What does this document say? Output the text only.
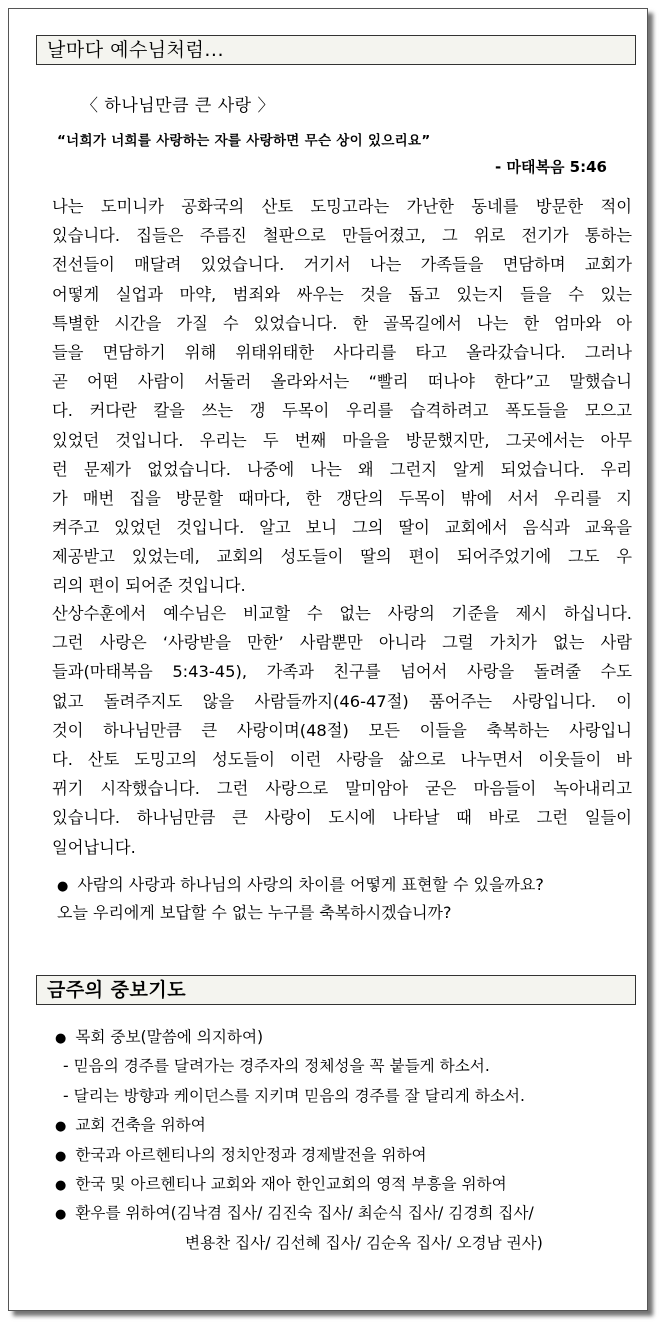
날마다 예수님처럼...
〈 하나님만큼 큰 사랑 〉
“너희가 너희를 사랑하는 자를 사랑하면 무슨 상이 있으리요”
- 마태복음 5:46
나는 도미니카 공화국의 산토 도밍고라는 가난한 동네를 방문한 적이
있습니다. 집들은 주름진 철판으로 만들어졌고, 그 위로 전기가 통하는
전선들이 매달려 있었습니다. 거기서 나는 가족들을 면담하며 교회가
어떻게 실업과 마약, 범죄와 싸우는 것을 돕고 있는지 들을 수 있는
특별한 시간을 가질 수 있었습니다. 한 골목길에서 나는 한 엄마와 아
들을 면담하기 위해 위태위태한 사다리를 타고 올라갔습니다. 그러나
곧 어떤 사람이 서둘러 올라와서는 “빨리 떠나야 한다”고 말했습니
다. 커다란 칼을 쓰는 갱 두목이 우리를 습격하려고 폭도들을 모으고
있었던 것입니다. 우리는 두 번째 마을을 방문했지만, 그곳에서는 아무
런 문제가 없었습니다. 나중에 나는 왜 그런지 알게 되었습니다. 우리
가 매번 집을 방문할 때마다, 한 갱단의 두목이 밖에 서서 우리를 지
켜주고 있었던 것입니다. 알고 보니 그의 딸이 교회에서 음식과 교육을
제공받고 있었는데, 교회의 성도들이 딸의 편이 되어주었기에 그도 우
리의 편이 되어준 것입니다.
산상수훈에서 예수님은 비교할 수 없는 사랑의 기준을 제시 하십니다.
그런 사랑은 ‘사랑받을 만한’ 사람뿐만 아니라 그럴 가치가 없는 사람
들과(마태복음 5:43-45), 가족과 친구를 넘어서 사랑을 돌려줄 수도
없고 돌려주지도 않을 사람들까지(46-47절) 품어주는 사랑입니다. 이
것이 하나님만큼 큰 사랑이며(48절) 모든 이들을 축복하는 사랑입니
다. 산토 도밍고의 성도들이 이런 사랑을 삶으로 나누면서 이웃들이 바
뀌기 시작했습니다. 그런 사랑으로 말미암아 굳은 마음들이 녹아내리고
있습니다. 하나님만큼 큰 사랑이 도시에 나타날 때 바로 그런 일들이
일어납니다.
● 사람의 사랑과 하나님의 사랑의 차이를 어떻게 표현할 수 있을까요?
오늘 우리에게 보답할 수 없는 누구를 축복하시겠습니까?
금주의 중보기도
● 목회 중보(말씀에 의지하여)
- 믿음의 경주를 달려가는 경주자의 정체성을 꼭 붙들게 하소서.
- 달리는 방향과 케이던스를 지키며 믿음의 경주를 잘 달리게 하소서.
● 교회 건축을 위하여
● 한국과 아르헨티나의 정치안정과 경제발전을 위하여
● 한국 및 아르헨티나 교회와 재아 한인교회의 영적 부흥을 위하여
● 환우를 위하여(김낙겸 집사/ 김진숙 집사/ 최순식 집사/ 김경희 집사/
변용찬 집사/ 김선혜 집사/ 김순옥 집사/ 오경남 권사)
